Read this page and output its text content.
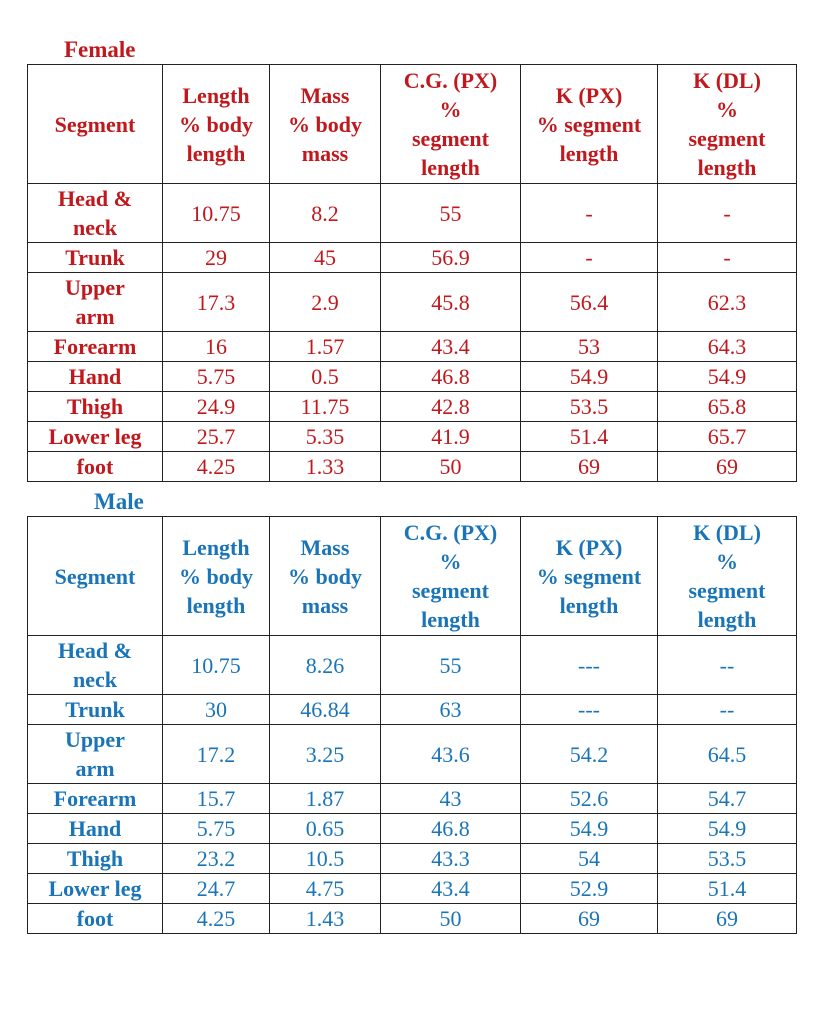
Female
Segment	Length
% body
length	Mass
% body
mass	C.G. (PX)
%
segment
length	K (PX)
% segment
length	K (DL)
%
segment
length

Head &
neck	10.75	8.2	55	-	-

Trunk	29	45	56.9	-	-

Upper
arm	17.3	2.9	45.8	56.4	62.3

Forearm	16	1.57	43.4	53	64.3

Hand	5.75	0.5	46.8	54.9	54.9

Thigh	24.9	11.75	42.8	53.5	65.8

Lower leg	25.7	5.35	41.9	51.4	65.7

foot	4.25	1.33	50	69	69
Male
Segment	Length
% body
length	Mass
% body
mass	C.G. (PX)
%
segment
length	K (PX)
% segment
length	K (DL)
%
segment
length

Head &
neck	10.75	8.26	55	---	--

Trunk	30	46.84	63	---	--

Upper
arm	17.2	3.25	43.6	54.2	64.5

Forearm	15.7	1.87	43	52.6	54.7

Hand	5.75	0.65	46.8	54.9	54.9

Thigh	23.2	10.5	43.3	54	53.5

Lower leg	24.7	4.75	43.4	52.9	51.4

foot	4.25	1.43	50	69	69
